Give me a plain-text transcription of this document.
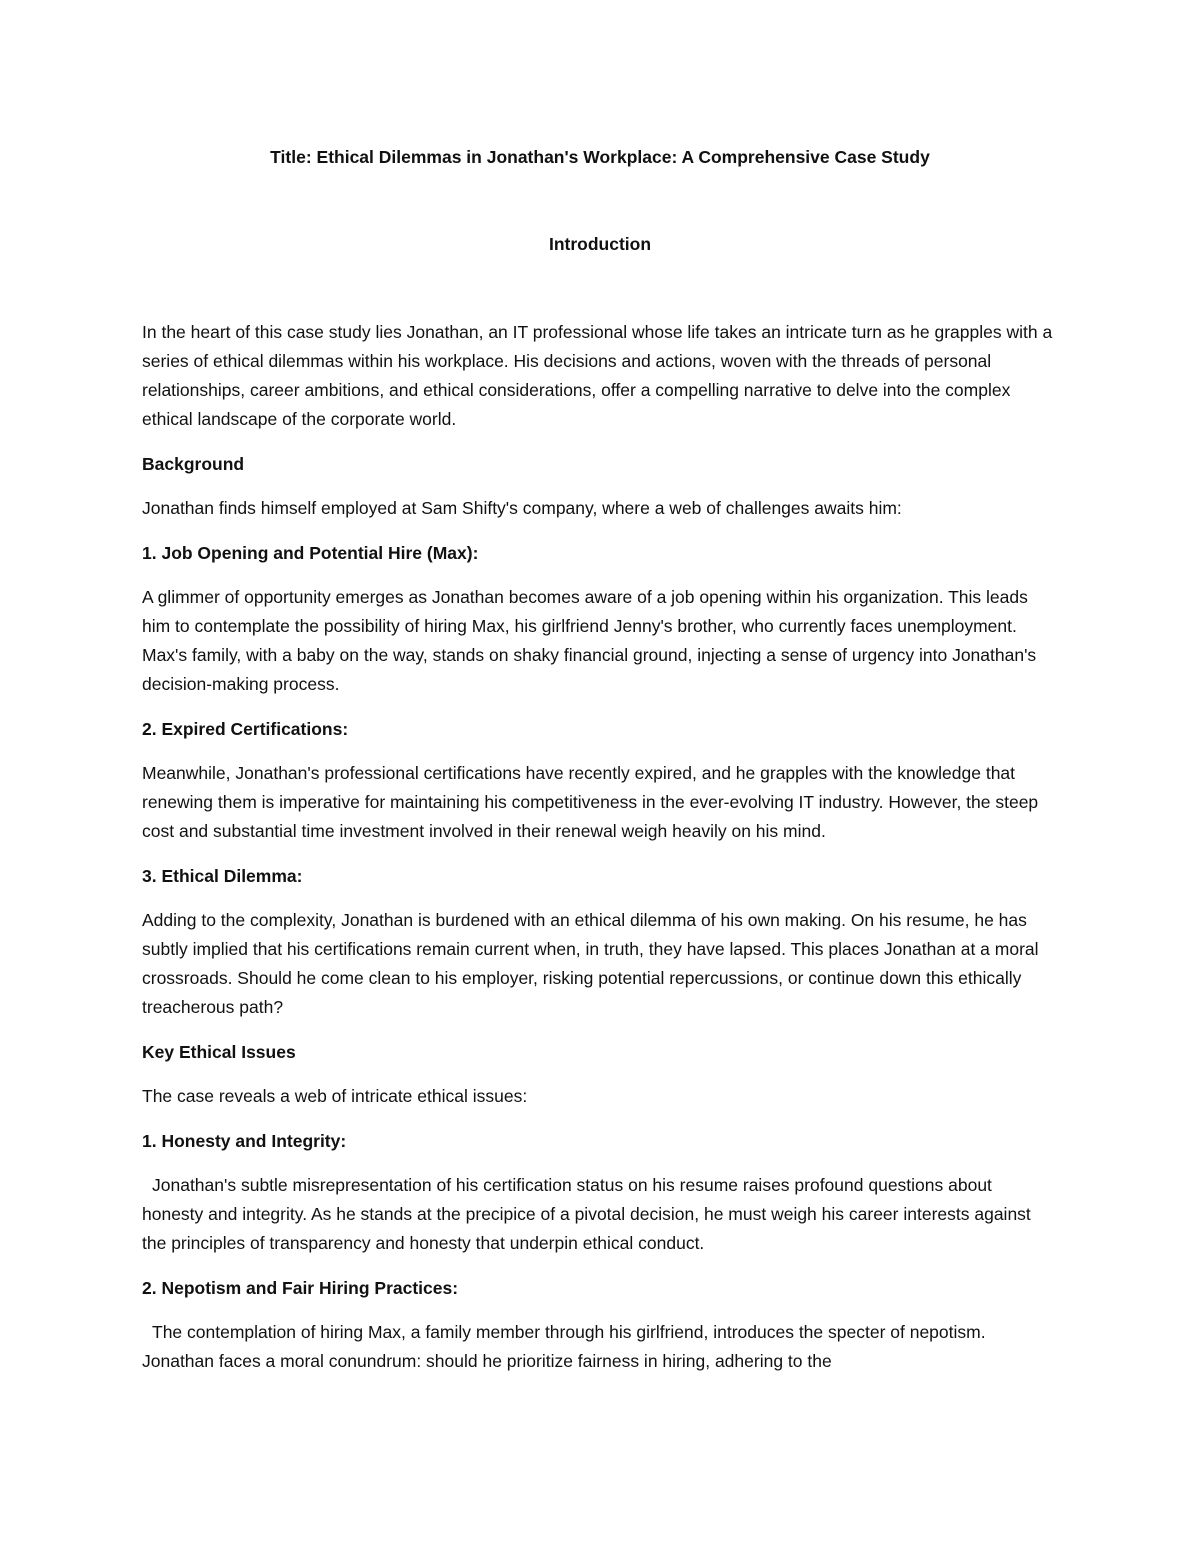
Title: Ethical Dilemmas in Jonathan's Workplace: A Comprehensive Case Study

Introduction

In the heart of this case study lies Jonathan, an IT professional whose life takes an intricate turn as he grapples with a series of ethical dilemmas within his workplace. His decisions and actions, woven with the threads of personal relationships, career ambitions, and ethical considerations, offer a compelling narrative to delve into the complex ethical landscape of the corporate world.

Background

Jonathan finds himself employed at Sam Shifty's company, where a web of challenges awaits him:

1. Job Opening and Potential Hire (Max):

A glimmer of opportunity emerges as Jonathan becomes aware of a job opening within his organization. This leads him to contemplate the possibility of hiring Max, his girlfriend Jenny's brother, who currently faces unemployment. Max's family, with a baby on the way, stands on shaky financial ground, injecting a sense of urgency into Jonathan's decision-making process.

2. Expired Certifications:

Meanwhile, Jonathan's professional certifications have recently expired, and he grapples with the knowledge that renewing them is imperative for maintaining his competitiveness in the ever-evolving IT industry. However, the steep cost and substantial time investment involved in their renewal weigh heavily on his mind.

3. Ethical Dilemma:

Adding to the complexity, Jonathan is burdened with an ethical dilemma of his own making. On his resume, he has subtly implied that his certifications remain current when, in truth, they have lapsed. This places Jonathan at a moral crossroads. Should he come clean to his employer, risking potential repercussions, or continue down this ethically treacherous path?

Key Ethical Issues

The case reveals a web of intricate ethical issues:

1. Honesty and Integrity:

Jonathan's subtle misrepresentation of his certification status on his resume raises profound questions about honesty and integrity. As he stands at the precipice of a pivotal decision, he must weigh his career interests against the principles of transparency and honesty that underpin ethical conduct.

2. Nepotism and Fair Hiring Practices:

The contemplation of hiring Max, a family member through his girlfriend, introduces the specter of nepotism. Jonathan faces a moral conundrum: should he prioritize fairness in hiring, adhering to the
